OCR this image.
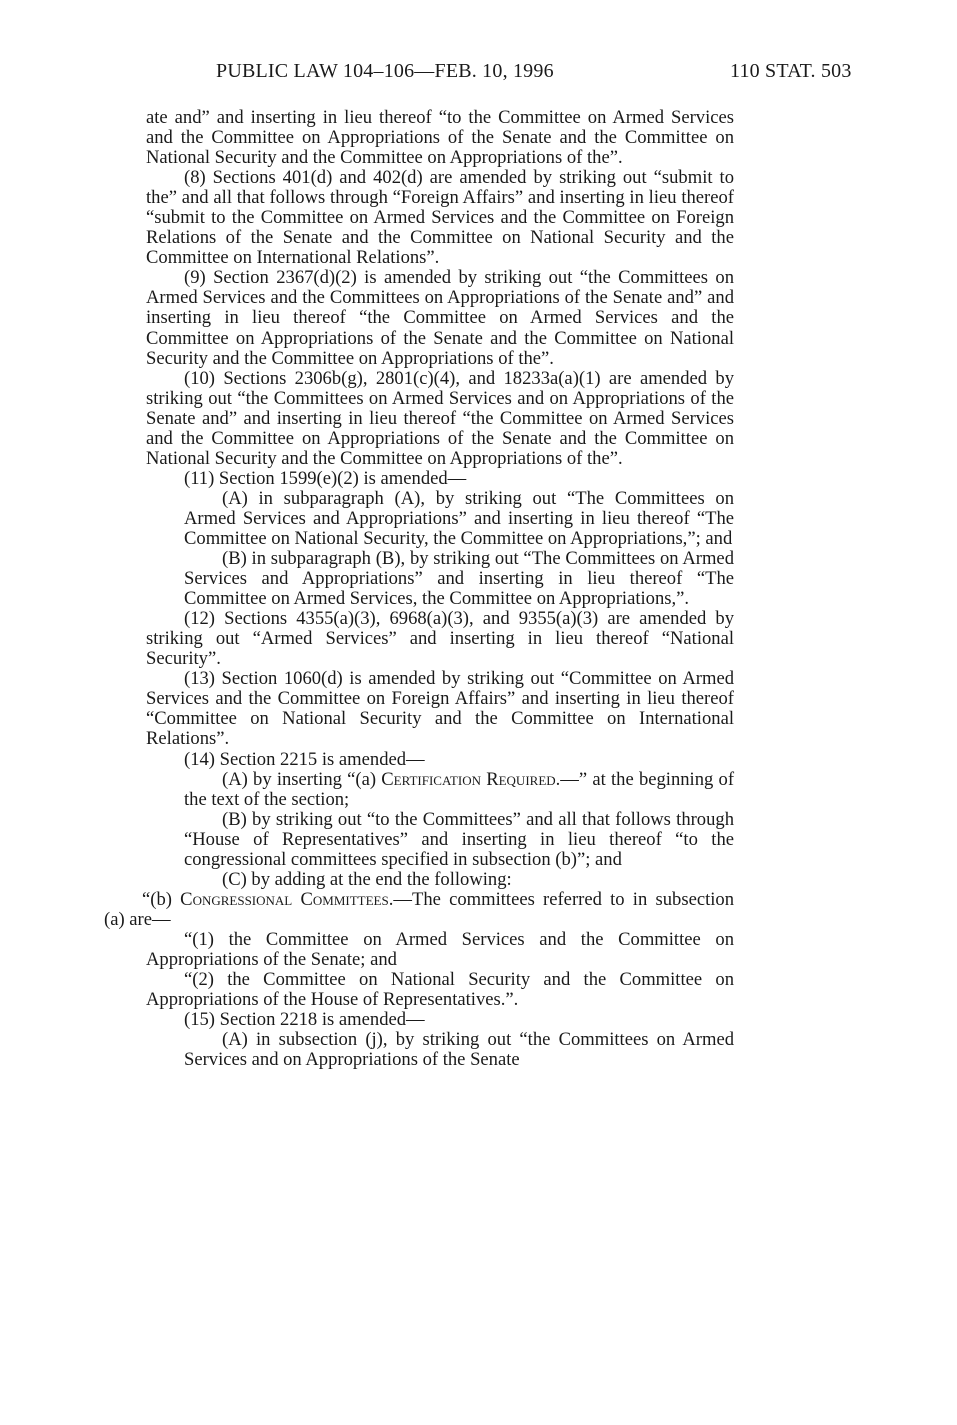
PUBLIC LAW 104–106—FEB. 10, 1996	110 STAT. 503

ate and” and inserting in lieu thereof “to the Committee on Armed Services and the Committee on Appropriations of the Senate and the Committee on National Security and the Committee on Appropriations of the”.

(8) Sections 401(d) and 402(d) are amended by striking out “submit to the” and all that follows through “Foreign Affairs” and inserting in lieu thereof “submit to the Committee on Armed Services and the Committee on Foreign Relations of the Senate and the Committee on National Security and the Committee on International Relations”.

(9) Section 2367(d)(2) is amended by striking out “the Committees on Armed Services and the Committees on Appropriations of the Senate and” and inserting in lieu thereof “the Committee on Armed Services and the Committee on Appropriations of the Senate and the Committee on National Security and the Committee on Appropriations of the”.

(10) Sections 2306b(g), 2801(c)(4), and 18233a(a)(1) are amended by striking out “the Committees on Armed Services and on Appropriations of the Senate and” and inserting in lieu thereof “the Committee on Armed Services and the Committee on Appropriations of the Senate and the Committee on National Security and the Committee on Appropriations of the”.

(11) Section 1599(e)(2) is amended—

(A) in subparagraph (A), by striking out “The Committees on Armed Services and Appropriations” and inserting in lieu thereof “The Committee on National Security, the Committee on Appropriations,”; and

(B) in subparagraph (B), by striking out “The Committees on Armed Services and Appropriations” and inserting in lieu thereof “The Committee on Armed Services, the Committee on Appropriations,”.

(12) Sections 4355(a)(3), 6968(a)(3), and 9355(a)(3) are amended by striking out “Armed Services” and inserting in lieu thereof “National Security”.

(13) Section 1060(d) is amended by striking out “Committee on Armed Services and the Committee on Foreign Affairs” and inserting in lieu thereof “Committee on National Security and the Committee on International Relations”.

(14) Section 2215 is amended—

(A) by inserting “(a) Certification Required.—” at the beginning of the text of the section;

(B) by striking out “to the Committees” and all that follows through “House of Representatives” and inserting in lieu thereof “to the congressional committees specified in subsection (b)”; and

(C) by adding at the end the following:

“(b) Congressional Committees.—The committees referred to in subsection (a) are—

“(1) the Committee on Armed Services and the Committee on Appropriations of the Senate; and

“(2) the Committee on National Security and the Committee on Appropriations of the House of Representatives.”.

(15) Section 2218 is amended—

(A) in subsection (j), by striking out “the Committees on Armed Services and on Appropriations of the Senate
